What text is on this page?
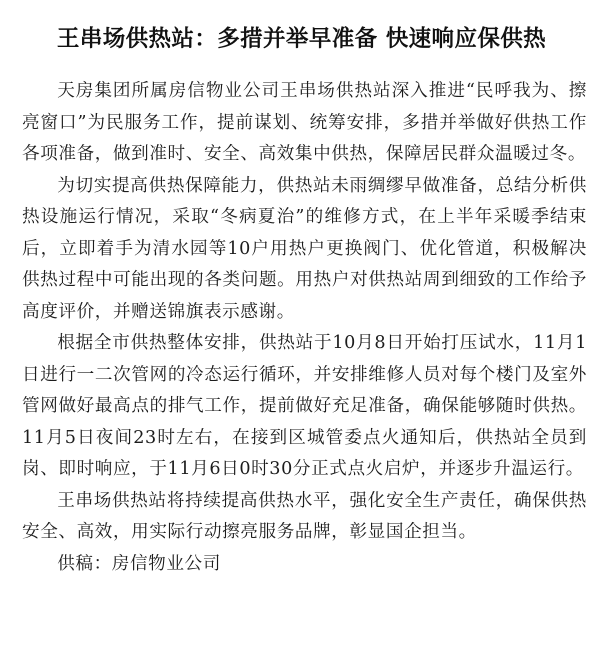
王串场供热站：多措并举早准备 快速响应保供热

天房集团所属房信物业公司王串场供热站深入推进“民呼我为、擦亮窗口”为民服务工作，提前谋划、统筹安排，多措并举做好供热工作各项准备，做到准时、安全、高效集中供热，保障居民群众温暖过冬。

为切实提高供热保障能力，供热站未雨绸缪早做准备，总结分析供热设施运行情况，采取“冬病夏治”的维修方式，在上半年采暖季结束后，立即着手为清水园等10户用热户更换阀门、优化管道，积极解决供热过程中可能出现的各类问题。用热户对供热站周到细致的工作给予高度评价，并赠送锦旗表示感谢。

根据全市供热整体安排，供热站于10月8日开始打压试水，11月1日进行一二次管网的冷态运行循环，并安排维修人员对每个楼门及室外管网做好最高点的排气工作，提前做好充足准备，确保能够随时供热。11月5日夜间23时左右，在接到区城管委点火通知后，供热站全员到岗、即时响应，于11月6日0时30分正式点火启炉，并逐步升温运行。

王串场供热站将持续提高供热水平，强化安全生产责任，确保供热安全、高效，用实际行动擦亮服务品牌，彰显国企担当。

供稿：房信物业公司
